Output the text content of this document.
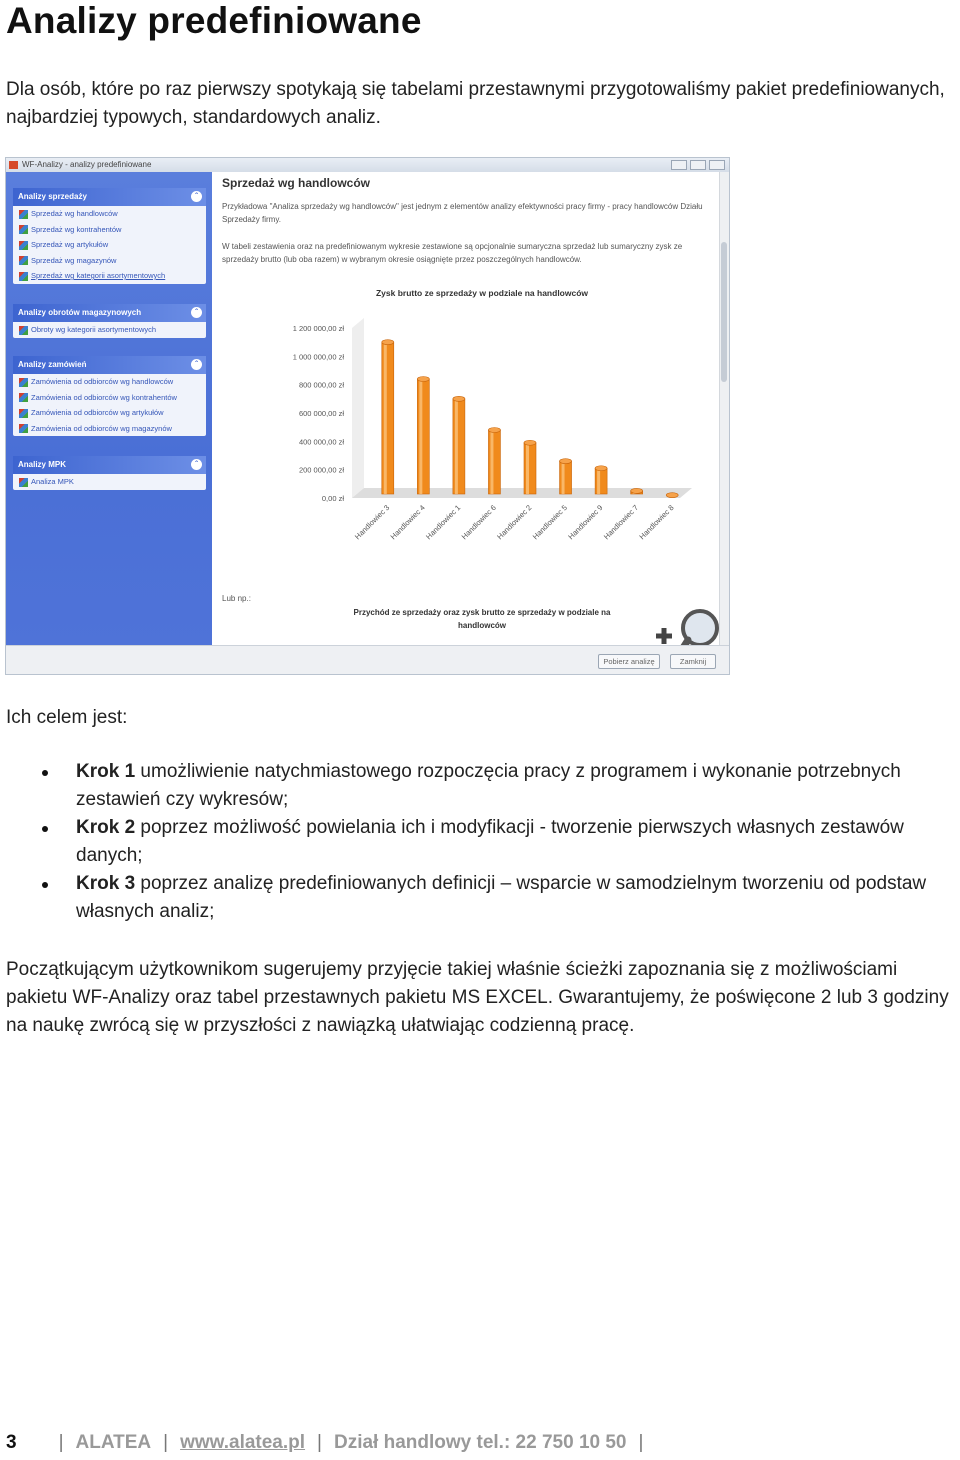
Analizy predefiniowane
Dla osób, które po raz pierwszy spotykają się tabelami przestawnymi przygotowaliśmy pakiet predefiniowanych, najbardziej typowych, standardowych analiz.
WF-Analizy - analizy predefiniowane
Analizy sprzedaży	ˆ
Sprzedaż wg handlowców
Sprzedaż wg kontrahentów
Sprzedaż wg artykułów
Sprzedaż wg magazynów
Sprzedaż wg kategorii asortymentowych
Analizy obrotów magazynowych	ˆ
Obroty wg kategorii asortymentowych
Analizy zamówień	ˆ
Zamówienia od odbiorców wg handlowców
Zamówienia od odbiorców wg kontrahentów
Zamówienia od odbiorców wg artykułów
Zamówienia od odbiorców wg magazynów
Analizy MPK	ˆ
Analiza MPK
Sprzedaż wg handlowców
Przykładowa "Analiza sprzedaży wg handlowców" jest jednym z elementów analizy efektywności pracy firmy - pracy handlowców Działu Sprzedaży firmy.
W tabeli zestawienia oraz na predefiniowanym wykresie zestawione są opcjonalnie sumaryczna sprzedaż lub sumaryczny zysk ze sprzedaży brutto (lub oba razem) w wybranym okresie osiągnięte przez poszczególnych handlowców.
Zysk brutto ze sprzedaży w podziale na handlowców
0,00 zł
200 000,00 zł
400 000,00 zł
600 000,00 zł
800 000,00 zł
1 000 000,00 zł
1 200 000,00 zł
Handlowiec 3
Handlowiec 4
Handlowiec 1
Handlowiec 6
Handlowiec 2
Handlowiec 5
Handlowiec 9
Handlowiec 7
Handlowiec 8
Lub np.:
Przychód ze sprzedaży oraz zysk brutto ze sprzedaży w podziale na handlowców
Pobierz analizę	Zamknij
Ich celem jest:
Krok 1 umożliwienie natychmiastowego rozpoczęcia pracy z programem i wykonanie potrzebnych zestawień czy wykresów;
Krok 2 poprzez możliwość powielania ich i modyfikacji - tworzenie pierwszych własnych zestawów danych;
Krok 3 poprzez analizę predefiniowanych definicji – wsparcie w samodzielnym tworzeniu od podstaw własnych analiz;
Początkującym użytkownikom sugerujemy przyjęcie takiej właśnie ścieżki zapoznania się z możliwościami pakietu WF-Analizy oraz tabel przestawnych pakietu MS EXCEL. Gwarantujemy, że poświęcone 2 lub 3 godziny na naukę zwrócą się w przyszłości z nawiązką ułatwiając codzienną pracę.
3 | ALATEA | www.alatea.pl | Dział handlowy tel.: 22 750 10 50 |
